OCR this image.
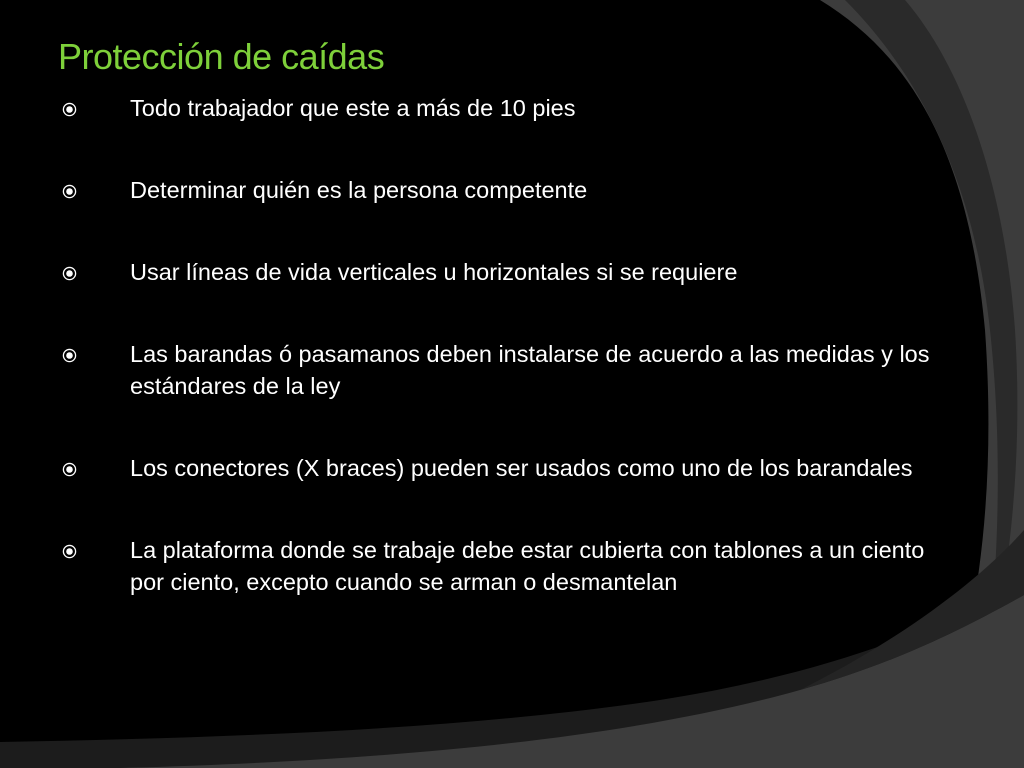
Protección de caídas
Todo trabajador que este a más de 10 pies
Determinar quién es la persona competente
Usar líneas de vida verticales u horizontales si se requiere
Las barandas ó pasamanos deben instalarse de acuerdo a las medidas y los estándares de la ley
Los conectores (X braces) pueden ser usados como uno de los barandales
La plataforma donde se trabaje debe estar cubierta con tablones a un ciento por ciento, excepto cuando se arman o desmantelan
